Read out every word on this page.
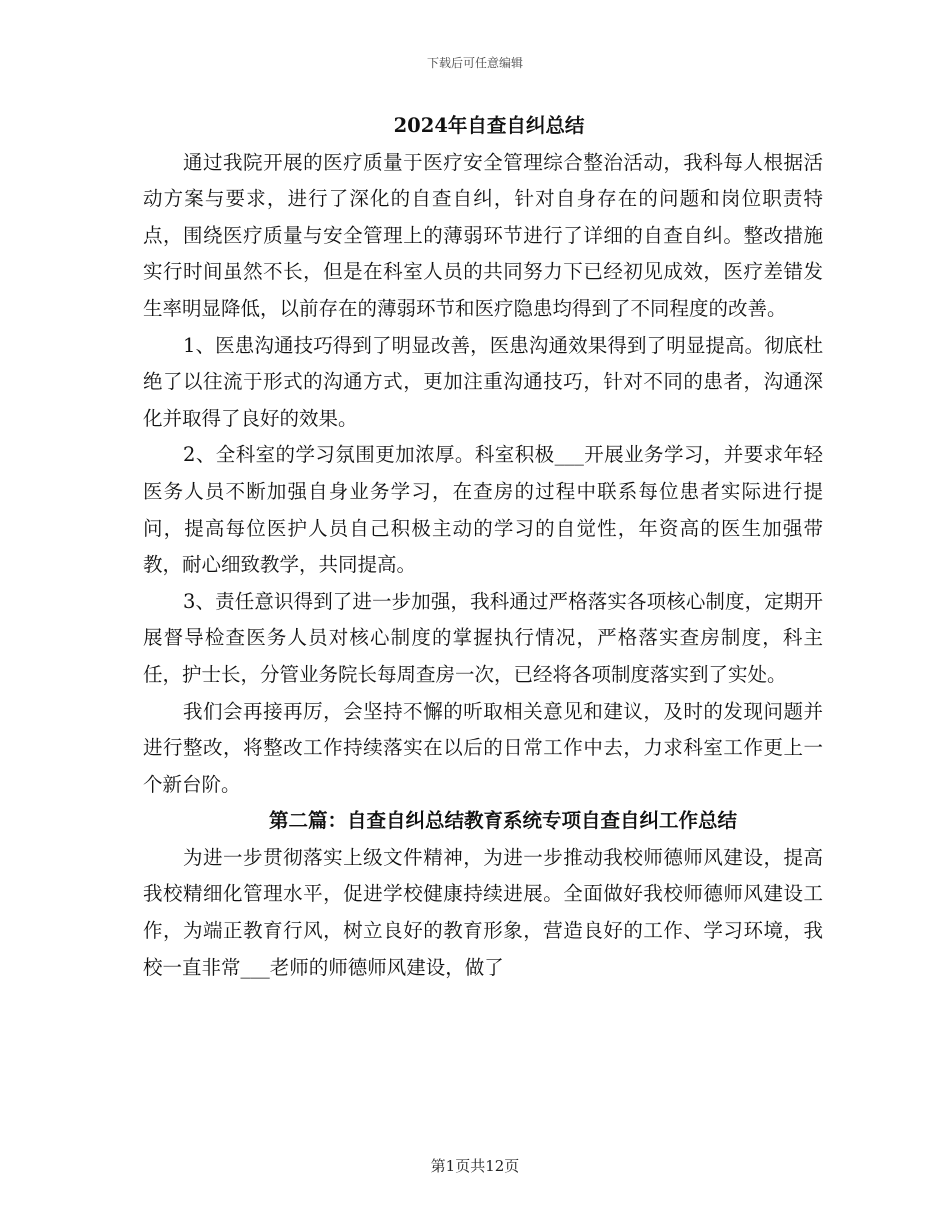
下载后可任意编辑
2024年自查自纠总结

通过我院开展的医疗质量于医疗安全管理综合整治活动，我科每人根据活动方案与要求，进行了深化的自查自纠，针对自身存在的问题和岗位职责特点，围绕医疗质量与安全管理上的薄弱环节进行了详细的自查自纠。整改措施实行时间虽然不长，但是在科室人员的共同努力下已经初见成效，医疗差错发生率明显降低，以前存在的薄弱环节和医疗隐患均得到了不同程度的改善。

1、医患沟通技巧得到了明显改善，医患沟通效果得到了明显提高。彻底杜绝了以往流于形式的沟通方式，更加注重沟通技巧，针对不同的患者，沟通深化并取得了良好的效果。

2、全科室的学习氛围更加浓厚。科室积极___开展业务学习，并要求年轻医务人员不断加强自身业务学习，在查房的过程中联系每位患者实际进行提问，提高每位医护人员自己积极主动的学习的自觉性，年资高的医生加强带教，耐心细致教学，共同提高。

3、责任意识得到了进一步加强，我科通过严格落实各项核心制度，定期开展督导检查医务人员对核心制度的掌握执行情况，严格落实查房制度，科主任，护士长，分管业务院长每周查房一次，已经将各项制度落实到了实处。

我们会再接再厉，会坚持不懈的听取相关意见和建议，及时的发现问题并进行整改，将整改工作持续落实在以后的日常工作中去，力求科室工作更上一个新台阶。

第二篇：自查自纠总结教育系统专项自查自纠工作总结

为进一步贯彻落实上级文件精神，为进一步推动我校师德师风建设，提高我校精细化管理水平，促进学校健康持续进展。全面做好我校师德师风建设工作，为端正教育行风，树立良好的教育形象，营造良好的工作、学习环境，我校一直非常___老师的师德师风建设，做了

第1页共12页
